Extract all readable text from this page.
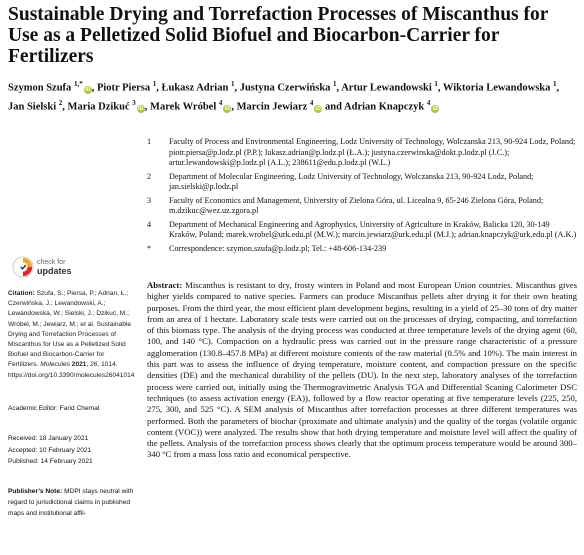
Sustainable Drying and Torrefaction Processes of Miscanthus for Use as a Pelletized Solid Biofuel and Biocarbon-Carrier for Fertilizers
Szymon Szufa $^{1,*}$iD , Piotr Piersa $^1$, Łukasz Adrian $^1$, Justyna Czerwińska $^1$, Artur Lewandowski $^1$, Wiktoria Lewandowska $^1$, Jan Sielski $^2$, Maria Dzikuć $^3$iD , Marek Wróbel $^4$iD , Marcin Jewiarz $^4$iD and Adrian Knapczyk $^4$iD
1	Faculty of Process and Environmental Engineering, Lodz University of Technology, Wolczanska 213, 90-924 Lodz, Poland; piotr.piersa@p.lodz.pl (P.P.); lukasz.adrian@p.lodz.pl (Ł.A.); justyna.czerwinska@dokt.p.lodz.pl (J.C.); artur.lewandowski@p.lodz.pl (A.L.); 238611@edu.p.lodz.pl (W.L.)
2	Department of Molecular Engineering, Lodz University of Technology, Wolczanska 213, 90-924 Lodz, Poland; jan.sielski@p.lodz.pl
3	Faculty of Economics and Management, University of Zielona Góra, ul. Licealna 9, 65-246 Zielona Góra, Poland; m.dzikuc@wez.uz.zgora.pl
4	Department of Mechanical Engineering and Agrophysics, University of Agriculture in Kraków, Balicka 120, 30-149 Kraków, Poland; marek.wrobel@urk.edu.pl (M.W.); marcin.jewiarz@urk.edu.pl (M.J.); adrian.knapczyk@urk.edu.pl (A.K.)
*	Correspondence: szymon.szufa@p.lodz.pl; Tel.: +48-606-134-239
check for
updates
Citation: Szufa, S.; Piersa, P.; Adrian, Ł.; Czerwińska, J.; Lewandowski, A.; Lewandowska, W.; Sielski, J.; Dzikuć, M.; Wróbel, M.; Jewiarz, M.; et al. Sustainable Drying and Torrefaction Processes of Miscanthus for Use as a Pelletized Solid Biofuel and Biocarbon-Carrier for Fertilizers. Molecules 2021, 26, 1014. https://doi.org/10.3390/molecules26041014
Academic Editor: Farid Chemat
Received: 18 January 2021
Accepted: 10 February 2021
Published: 14 February 2021
Publisher’s Note: MDPI stays neutral with regard to jurisdictional claims in published maps and institutional affil-
Abstract: Miscanthus is resistant to dry, frosty winters in Poland and most European Union countries. Miscanthus gives higher yields compared to native species. Farmers can produce Miscanthus pellets after drying it for their own heating purposes. From the third year, the most efficient plant development begins, resulting in a yield of 25–30 tons of dry matter from an area of 1 hectare. Laboratory scale tests were carried out on the processes of drying, compacting, and torrefaction of this biomass type. The analysis of the drying process was conducted at three temperature levels of the drying agent (60, 100, and 140 °C). Compaction on a hydraulic press was carried out in the pressure range characteristic of a pressure agglomeration (130.8–457.8 MPa) at different moisture contents of the raw material (0.5% and 10%). The main interest in this part was to assess the influence of drying temperature, moisture content, and compaction pressure on the specific densities (DE) and the mechanical durability of the pellets (DU). In the next step, laboratory analyses of the torrefaction process were carried out, initially using the Thermogravimetric Analysis TGA and Differential Scaning Calorimeter DSC techniques (to assess activation energy (EA)), followed by a flow reactor operating at five temperature levels (225, 250, 275, 300, and 525 °C). A SEM analysis of Miscanthus after torrefaction processes at three different temperatures was performed. Both the parameters of biochar (proximate and ultimate analysis) and the quality of the torgas (volatile organic content (VOC)) were analyzed. The results show that both drying temperature and moisture level will affect the quality of the pellets. Analysis of the torrefaction process shows clearly that the optimum process temperature would be around 300–340 °C from a mass loss ratio and economical perspective.
